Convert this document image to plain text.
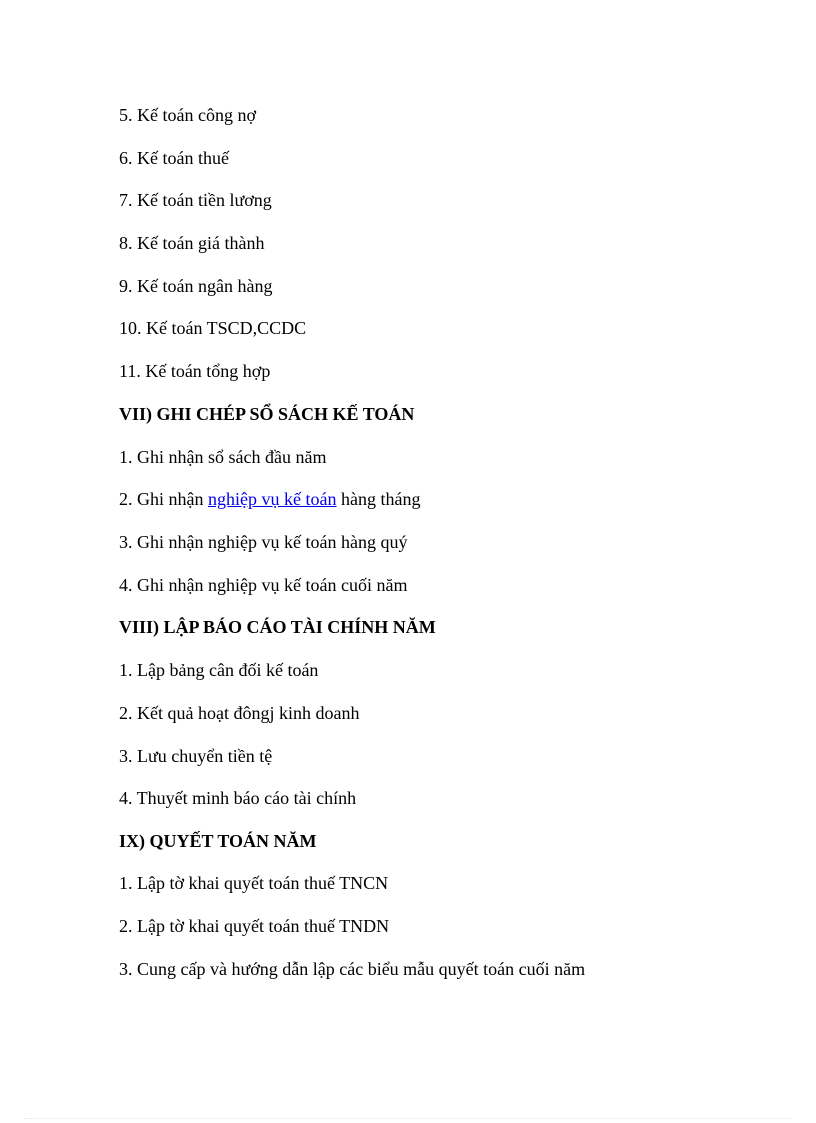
5. Kế toán công nợ
6. Kế toán thuế
7. Kế toán tiền lương
8. Kế toán giá thành
9. Kế toán ngân hàng
10. Kế toán TSCD,CCDC
11. Kế toán tổng hợp
VII) GHI CHÉP SỔ SÁCH KẾ TOÁN
1. Ghi nhận sổ sách đầu năm
2. Ghi nhận nghiệp vụ kế toán hàng tháng
3. Ghi nhận nghiệp vụ kế toán hàng quý
4. Ghi nhận nghiệp vụ kế toán cuối năm
VIII) LẬP BÁO CÁO TÀI CHÍNH NĂM
1. Lập bảng cân đối kế toán
2. Kết quả hoạt đôngj kinh doanh
3. Lưu chuyển tiền tệ
4. Thuyết minh báo cáo tài chính
IX) QUYẾT TOÁN NĂM
1. Lập tờ khai quyết toán thuế TNCN
2. Lập tờ khai quyết toán thuế TNDN
3. Cung cấp và hướng dẫn lập các biểu mẫu quyết toán cuối năm
